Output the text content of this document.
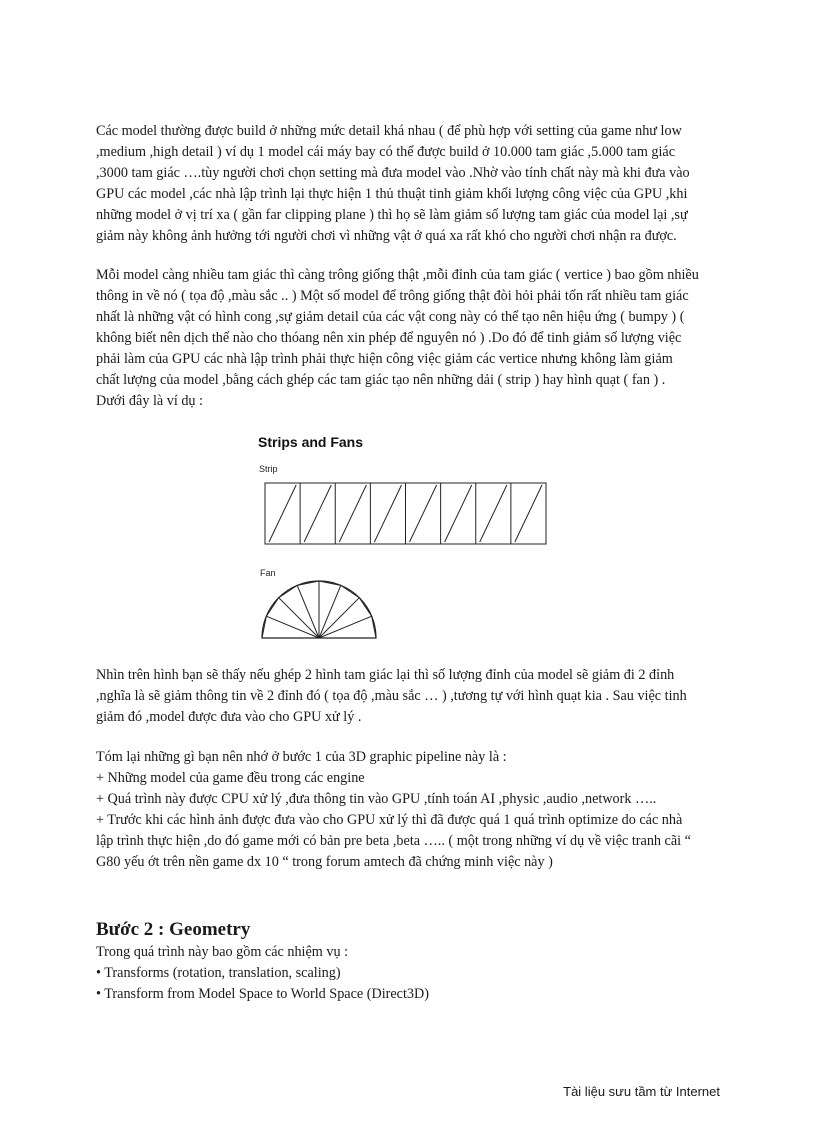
Các model thường được build ở những mức detail khá nhau ( để phù hợp với setting của game như low
,medium ,high detail ) ví dụ 1 model cái máy bay có thể được build ở 10.000 tam giác ,5.000 tam giác
,3000 tam giác ….tùy người chơi chọn setting mà đưa model vào .Nhờ vào tính chất này mà khi đưa vào
GPU các model ,các nhà lập trình lại thực hiện 1 thủ thuật tinh giảm khối lượng công việc của GPU ,khi
những model ở vị trí xa ( gần far clipping plane ) thì họ sẽ làm giảm số lượng tam giác của model lại ,sự
giảm này không ảnh hưởng tới người chơi vì những vật ở quá xa rất khó cho người chơi nhận ra được.

Mỗi model càng nhiều tam giác thì càng trông giống thật ,mỗi đỉnh của tam giác ( vertice ) bao gồm nhiều
thông in về nó ( tọa độ ,màu sắc .. ) Một số model để trông giống thật đòi hỏi phải tốn rất nhiều tam giác
nhất là những vật có hình cong ,sự giảm detail của các vật cong này có thể tạo nên hiệu ứng ( bumpy ) (
không biết nên dịch thế nào cho thóang nên xin phép để nguyên nó ) .Do đó để tinh giảm số lượng việc
phải làm của GPU các nhà lập trình phải thực hiện công việc giảm các vertice nhưng không làm giảm
chất lượng của model ,bằng cách ghép các tam giác tạo nên những dải ( strip ) hay hình quạt ( fan ) .
Dưới đây là ví dụ :

Strips and Fans
Strip
Fan

Nhìn trên hình bạn sẽ thấy nếu ghép 2 hình tam giác lại thì số lượng đỉnh của model sẽ giảm đi 2 đỉnh
,nghĩa là sẽ giảm thông tin về 2 đỉnh đó ( tọa độ ,màu sắc … ) ,tương tự với hình quạt kia . Sau việc tinh
giảm đó ,model được đưa vào cho GPU xử lý .

Tóm lại những gì bạn nên nhớ ở bước 1 của 3D graphic pipeline này là :
+ Những model của game đều trong các engine
+ Quá trình này được CPU xử lý ,đưa thông tin vào GPU ,tính toán AI ,physic ,audio ,network …..
+ Trước khi các hình ảnh được đưa vào cho GPU xử lý thì đã được quá 1 quá trình optimize do các nhà
lập trình thực hiện ,do đó game mới có bản pre beta ,beta ….. ( một trong những ví dụ về việc tranh cãi “
G80 yếu ớt trên nền game dx 10 “ trong forum amtech đã chứng minh việc này )

Bước 2 : Geometry

Trong quá trình này bao gồm các nhiệm vụ :
• Transforms (rotation, translation, scaling)
• Transform from Model Space to World Space (Direct3D)

Tài liệu sưu tầm từ Internet
